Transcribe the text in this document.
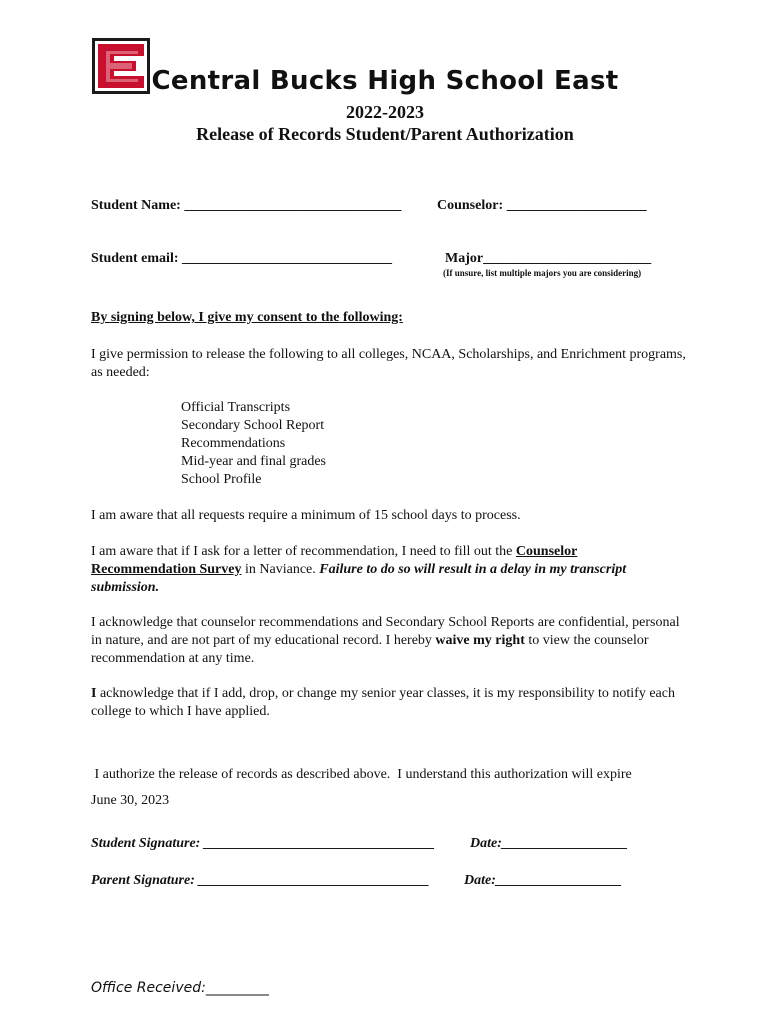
Central Bucks High School East
2022-2023
Release of Records Student/Parent Authorization
Student Name: _______________________________	Counselor: ____________________
Student email: ______________________________	Major________________________
(If unsure, list multiple majors you are considering)
By signing below, I give my consent to the following:
I give permission to release the following to all colleges, NCAA, Scholarships, and Enrichment programs, as needed:
Official Transcripts
Secondary School Report
Recommendations
Mid-year and final grades
School Profile
I am aware that all requests require a minimum of 15 school days to process.
I am aware that if I ask for a letter of recommendation, I need to fill out the Counselor Recommendation Survey in Naviance. Failure to do so will result in a delay in my transcript submission.
I acknowledge that counselor recommendations and Secondary School Reports are confidential, personal in nature, and are not part of my educational record. I hereby waive my right to view the counselor recommendation at any time.
I acknowledge that if I add, drop, or change my senior year classes, it is my responsibility to notify each college to which I have applied.
I authorize the release of records as described above.  I understand this authorization will expire
June 30, 2023
Student Signature: _________________________________	Date:__________________
Parent Signature: _________________________________ Date:__________________
Office Received:_________
